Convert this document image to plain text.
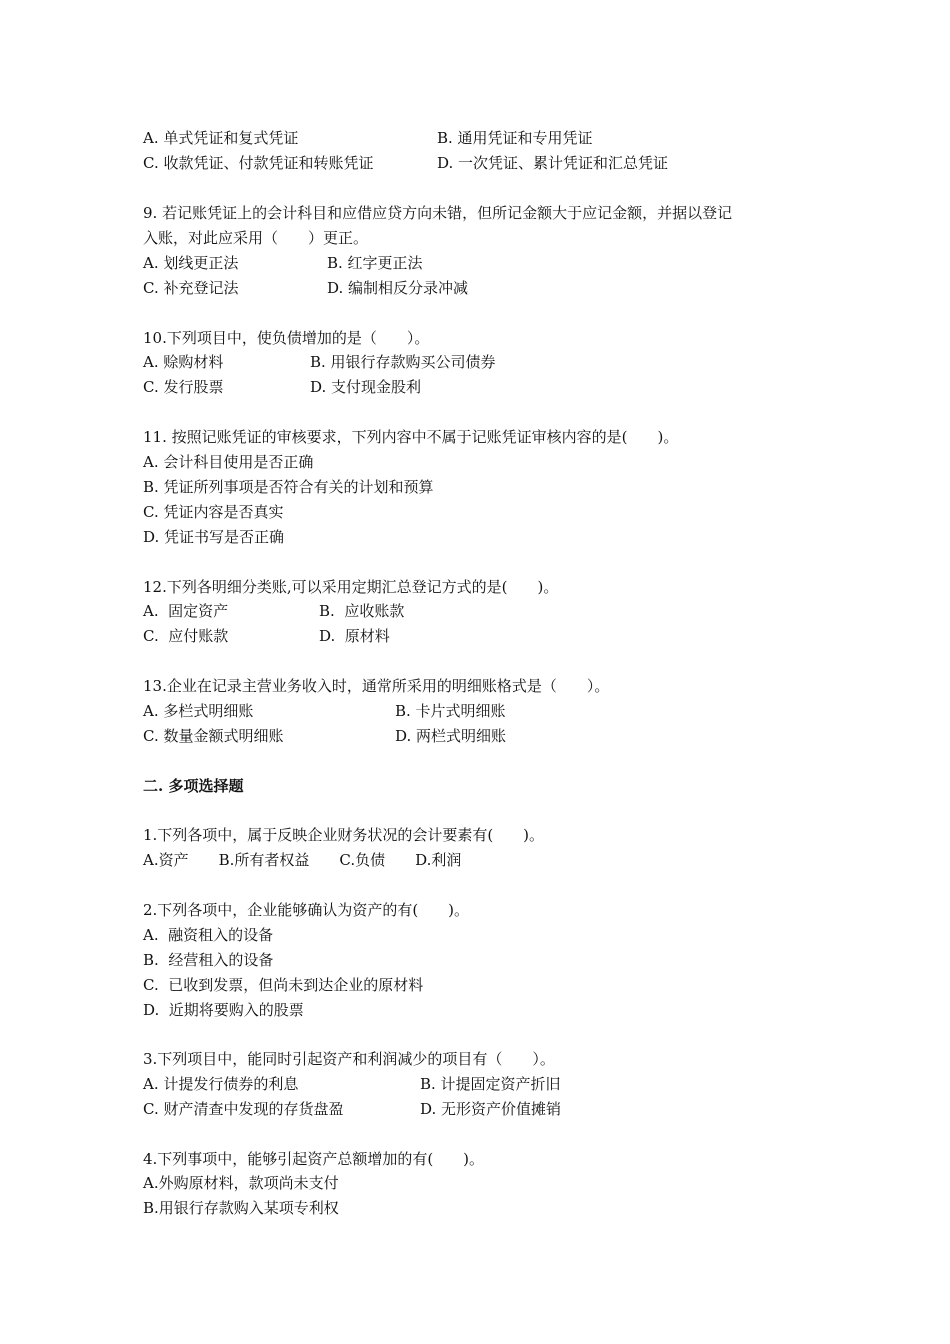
A. 单式凭证和复式凭证	B. 通用凭证和专用凭证
C. 收款凭证、付款凭证和转账凭证	D. 一次凭证、累计凭证和汇总凭证
9. 若记账凭证上的会计科目和应借应贷方向未错，但所记金额大于应记金额，并据以登记
入账，对此应采用（　　）更正。
A. 划线更正法	B. 红字更正法
C. 补充登记法	D. 编制相反分录冲减
10.下列项目中，使负债增加的是（　　）。
A. 赊购材料	B. 用银行存款购买公司债券
C. 发行股票	D. 支付现金股利
11. 按照记账凭证的审核要求，下列内容中不属于记账凭证审核内容的是(　　)。
A. 会计科目使用是否正确
B. 凭证所列事项是否符合有关的计划和预算
C. 凭证内容是否真实
D. 凭证书写是否正确
12.下列各明细分类账,可以采用定期汇总登记方式的是(　　)。
A.  固定资产	B.  应收账款
C.  应付账款	D.  原材料
13.企业在记录主营业务收入时，通常所采用的明细账格式是（　　）。
A. 多栏式明细账	B. 卡片式明细账
C. 数量金额式明细账	D. 两栏式明细账
二. 多项选择题
1.下列各项中，属于反映企业财务状况的会计要素有(　　)。
A.资产　　B.所有者权益　　C.负债　　D.利润
2.下列各项中，企业能够确认为资产的有(　　)。
A.  融资租入的设备
B.  经营租入的设备
C.  已收到发票，但尚未到达企业的原材料
D.  近期将要购入的股票
3.下列项目中，能同时引起资产和利润减少的项目有（　　）。
A. 计提发行债券的利息	B. 计提固定资产折旧
C. 财产清查中发现的存货盘盈	D. 无形资产价值摊销
4.下列事项中，能够引起资产总额增加的有(　　)。
A.外购原材料，款项尚未支付
B.用银行存款购入某项专利权
